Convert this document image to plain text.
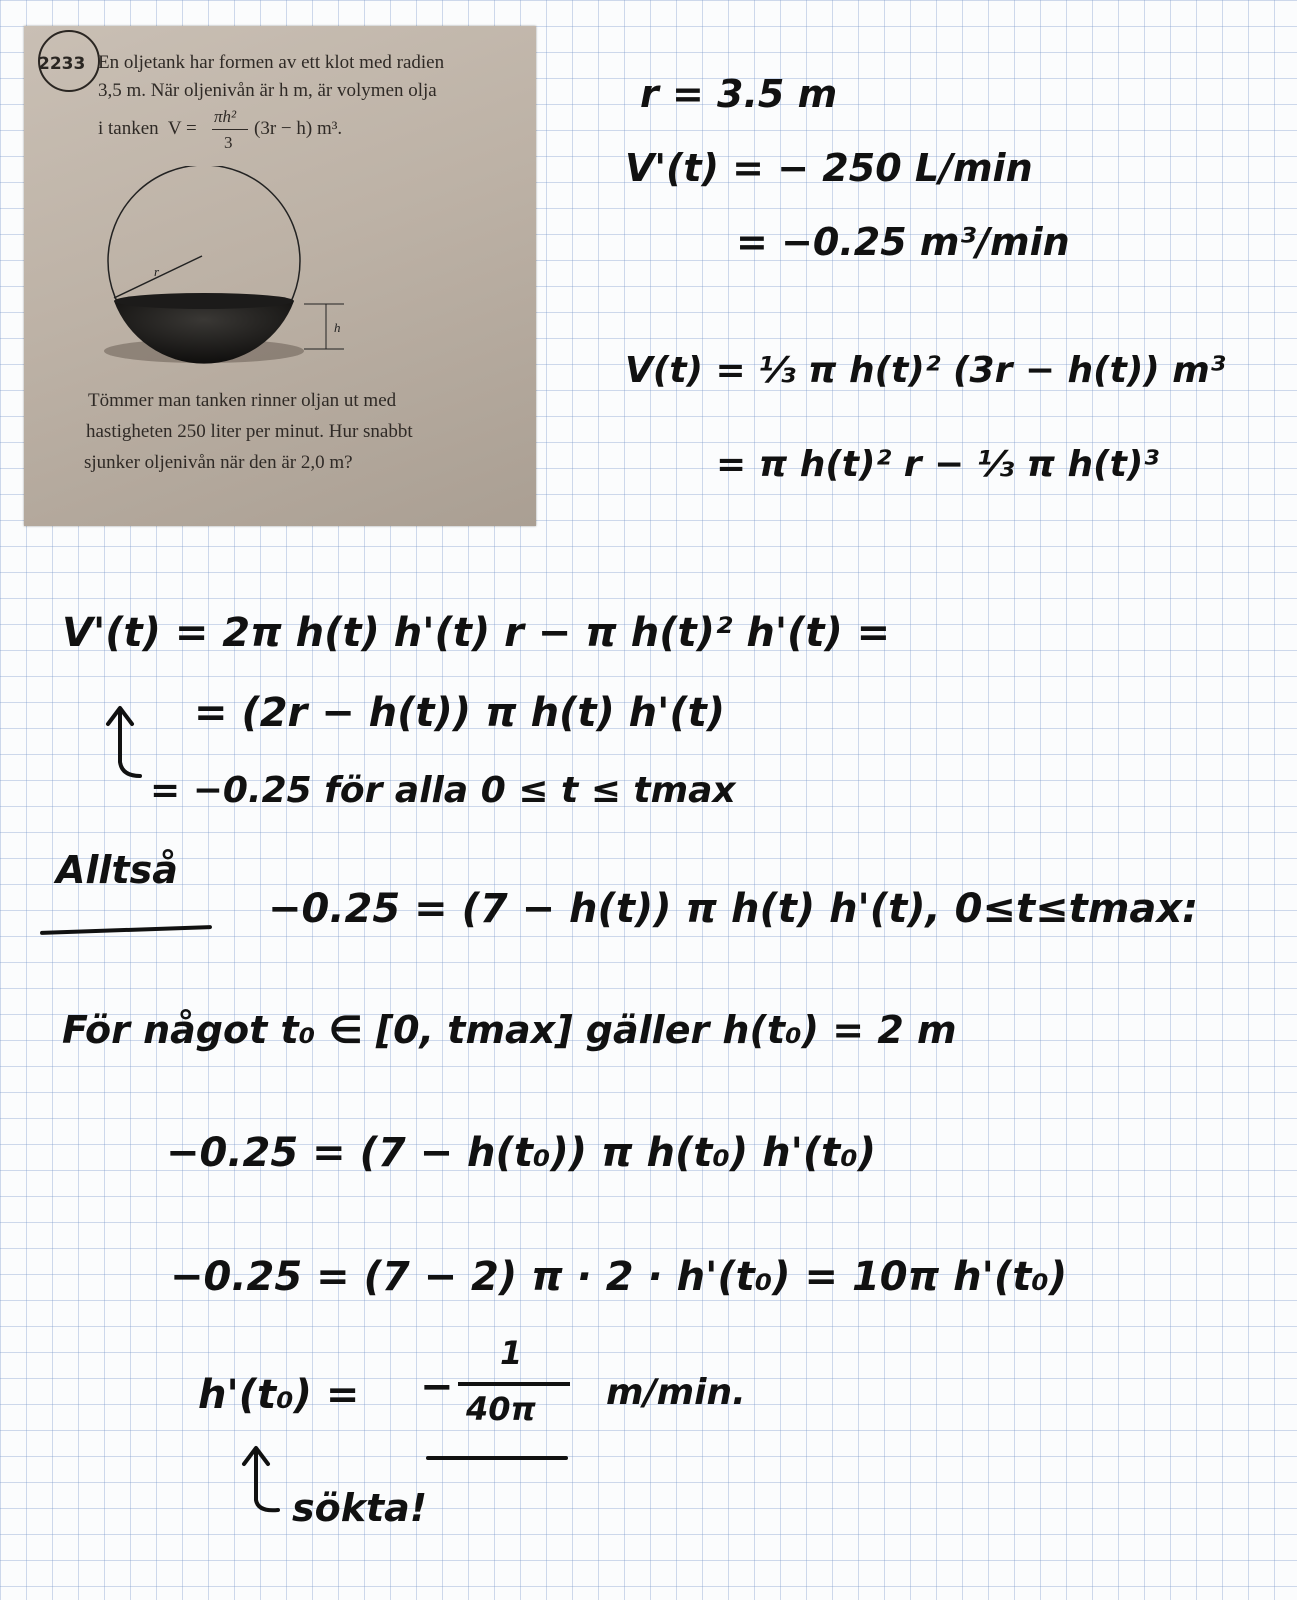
2233 En oljetank har formen av ett klot med radien
3,5 m. När oljenivån är h m, är volymen olja
i tanken  V =
πh²
3
(3r − h) m³.
h
r
Tömmer man tanken rinner oljan ut med
hastigheten 250 liter per minut. Hur snabbt
sjunker oljenivån när den är 2,0 m?
r = 3.5 m
V'(t) = − 250 L/min
= −0.25 m³/min
V(t) = ⅓ π h(t)² (3r − h(t)) m³
= π h(t)² r − ⅓ π h(t)³
V'(t) = 2π h(t) h'(t) r − π h(t)² h'(t) =
= (2r − h(t)) π h(t) h'(t)
= −0.25 för alla 0 ≤ t ≤ tmax
Alltså
−0.25 = (7 − h(t)) π h(t) h'(t), 0≤t≤tmax:
För något t₀ ∈ [0, tmax] gäller h(t₀) = 2 m
−0.25 = (7 − h(t₀)) π h(t₀) h'(t₀)
−0.25 = (7 − 2) π · 2 · h'(t₀) = 10π h'(t₀)
h'(t₀) = −
1
40π m/min.
sökta!
